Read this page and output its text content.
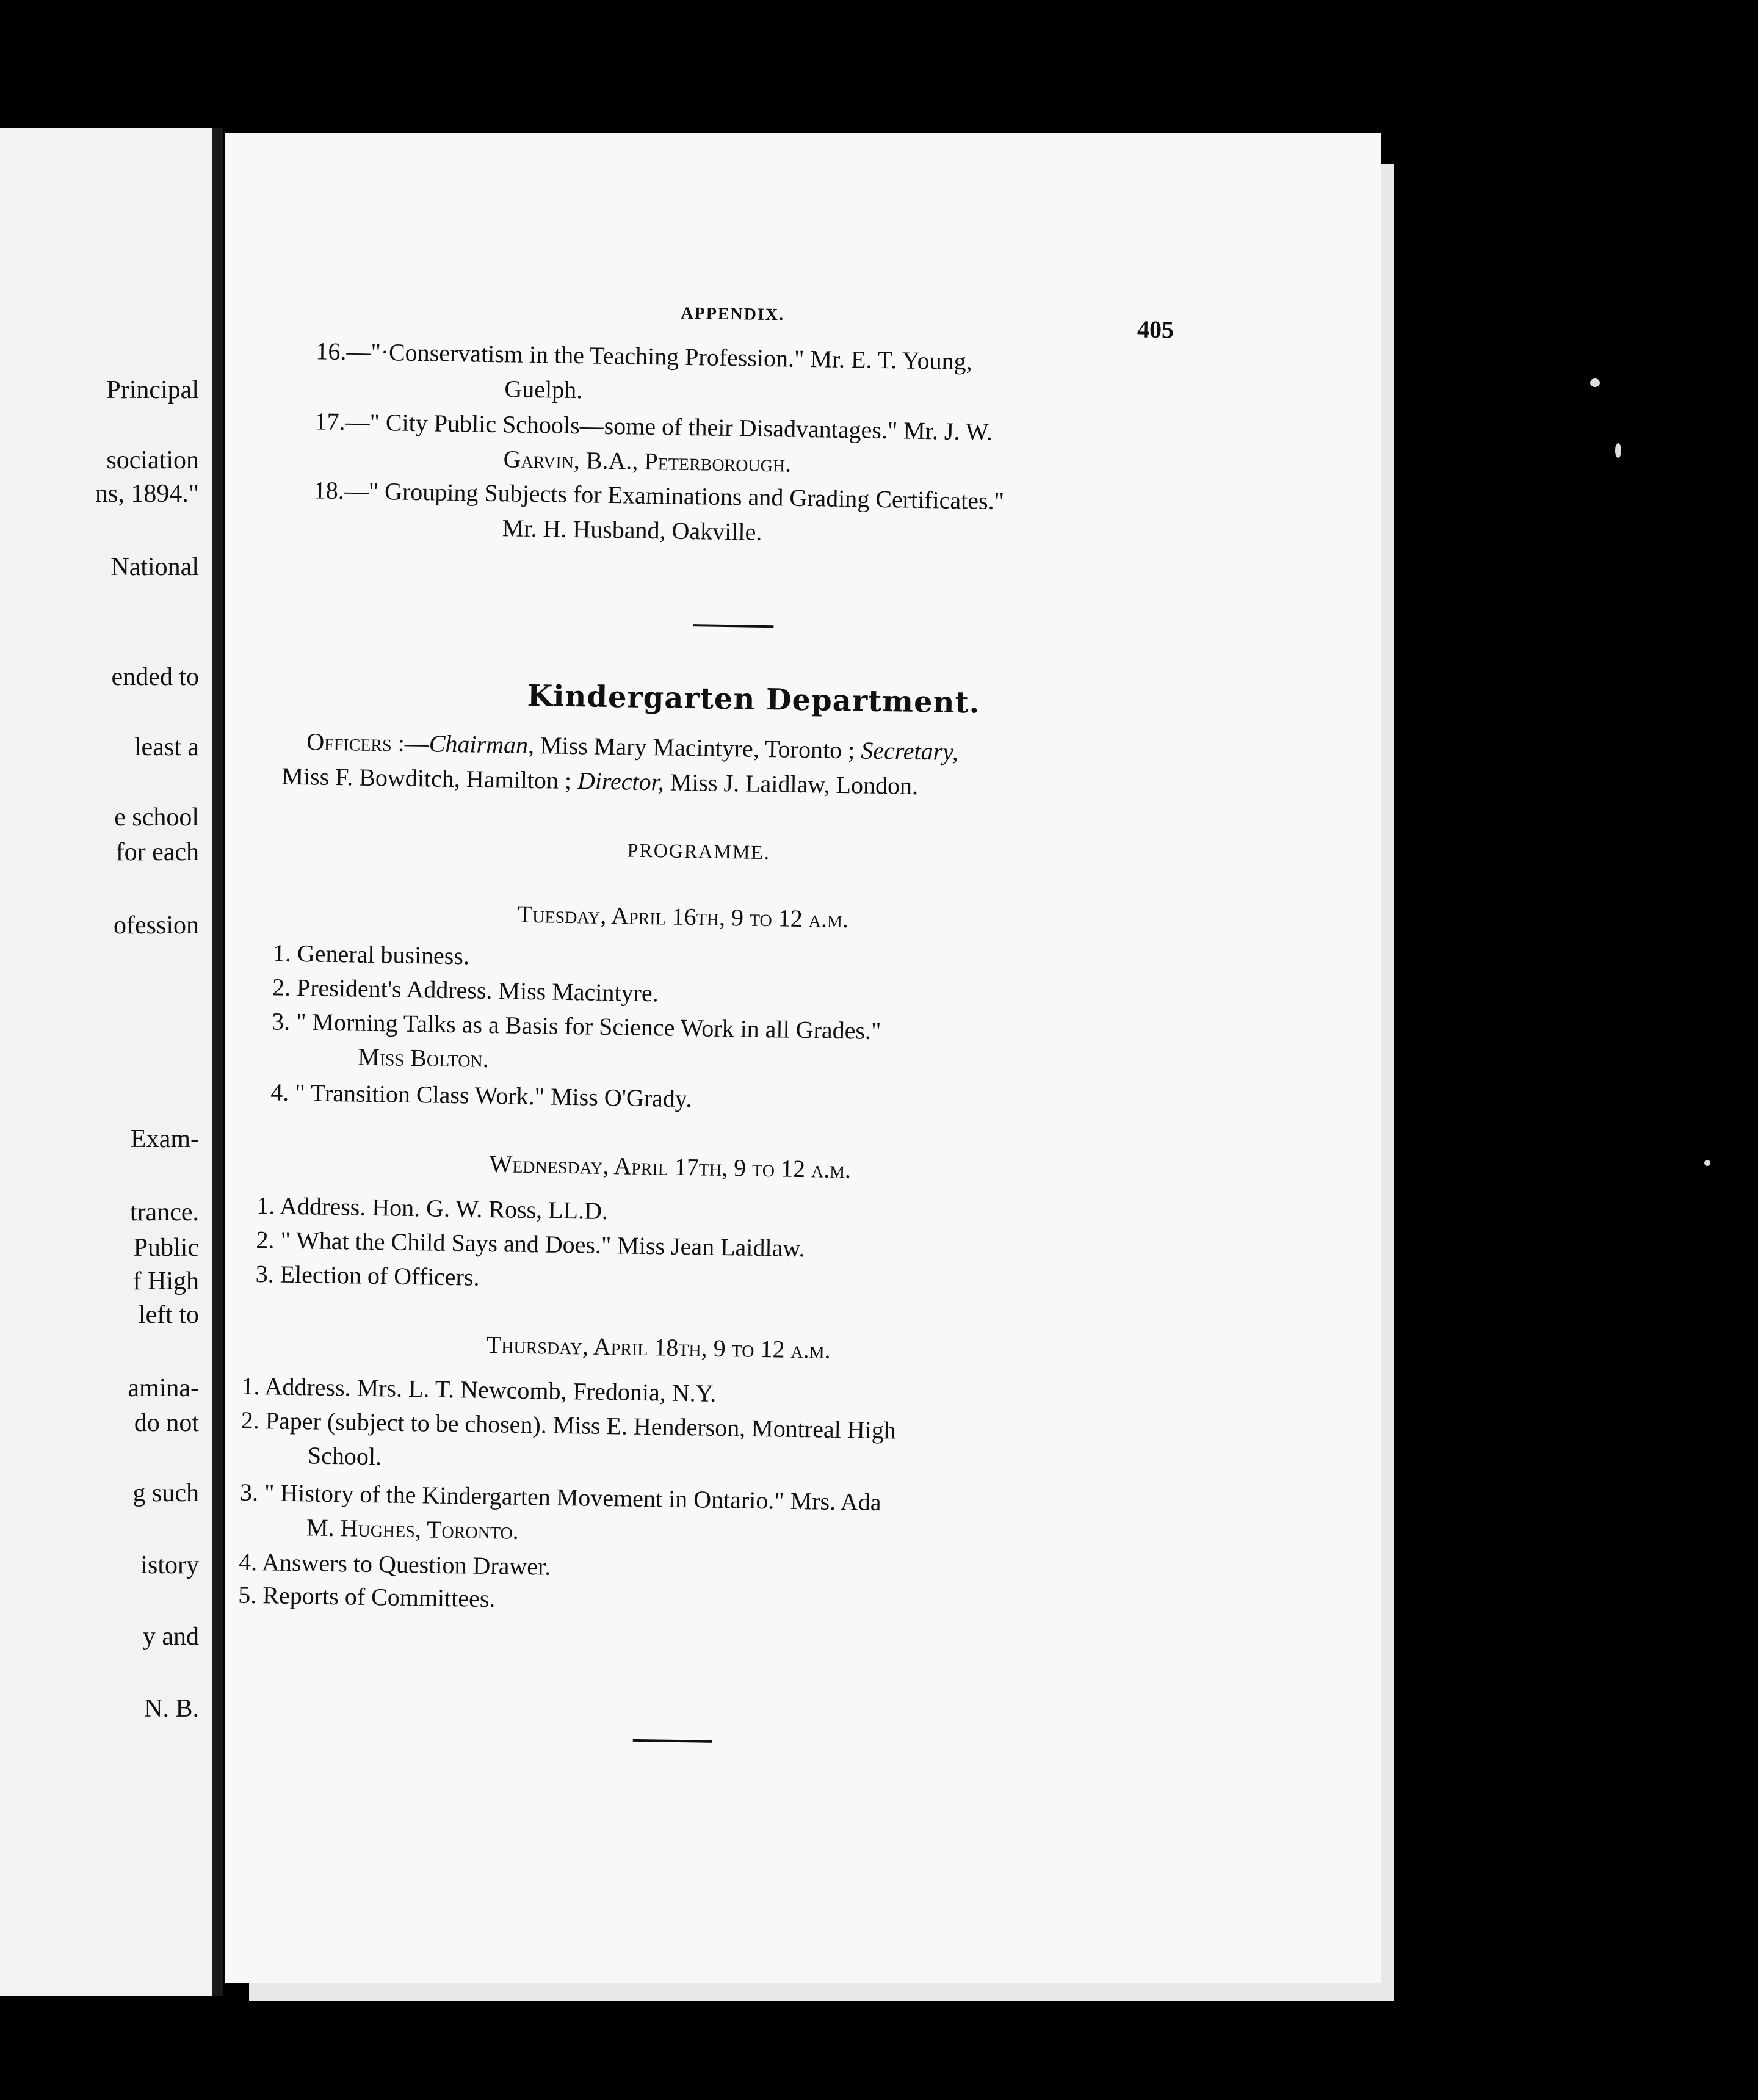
Principal
sociation
ns, 1894."
National
ended to
least a
e school
for each
ofession
Exam-
trance.
Public
f High
left to
amina-
do not
g such
istory
y and
N. B.
APPENDIX.
405
16.—"·Conservatism in the Teaching Profession." Mr. E. T. Young,
Guelph.
17.—" City Public Schools—some of their Disadvantages." Mr. J. W.
Garvin, B.A., Peterborough.
18.—" Grouping Subjects for Examinations and Grading Certificates."
Mr. H. Husband, Oakville.
Kindergarten Department.
Officers :—Chairman, Miss Mary Macintyre, Toronto ; Secretary,
Miss F. Bowditch, Hamilton ; Director, Miss J. Laidlaw, London.
PROGRAMME.
Tuesday, April 16th, 9 to 12 a.m.
1. General business.
2. President's Address. Miss Macintyre.
3. " Morning Talks as a Basis for Science Work in all Grades."
Miss Bolton.
4. " Transition Class Work." Miss O'Grady.
Wednesday, April 17th, 9 to 12 a.m.
1. Address. Hon. G. W. Ross, LL.D.
2. " What the Child Says and Does." Miss Jean Laidlaw.
3. Election of Officers.
Thursday, April 18th, 9 to 12 a.m.
1. Address. Mrs. L. T. Newcomb, Fredonia, N.Y.
2. Paper (subject to be chosen). Miss E. Henderson, Montreal High
School.
3. " History of the Kindergarten Movement in Ontario." Mrs. Ada
M. Hughes, Toronto.
4. Answers to Question Drawer.
5. Reports of Committees.
